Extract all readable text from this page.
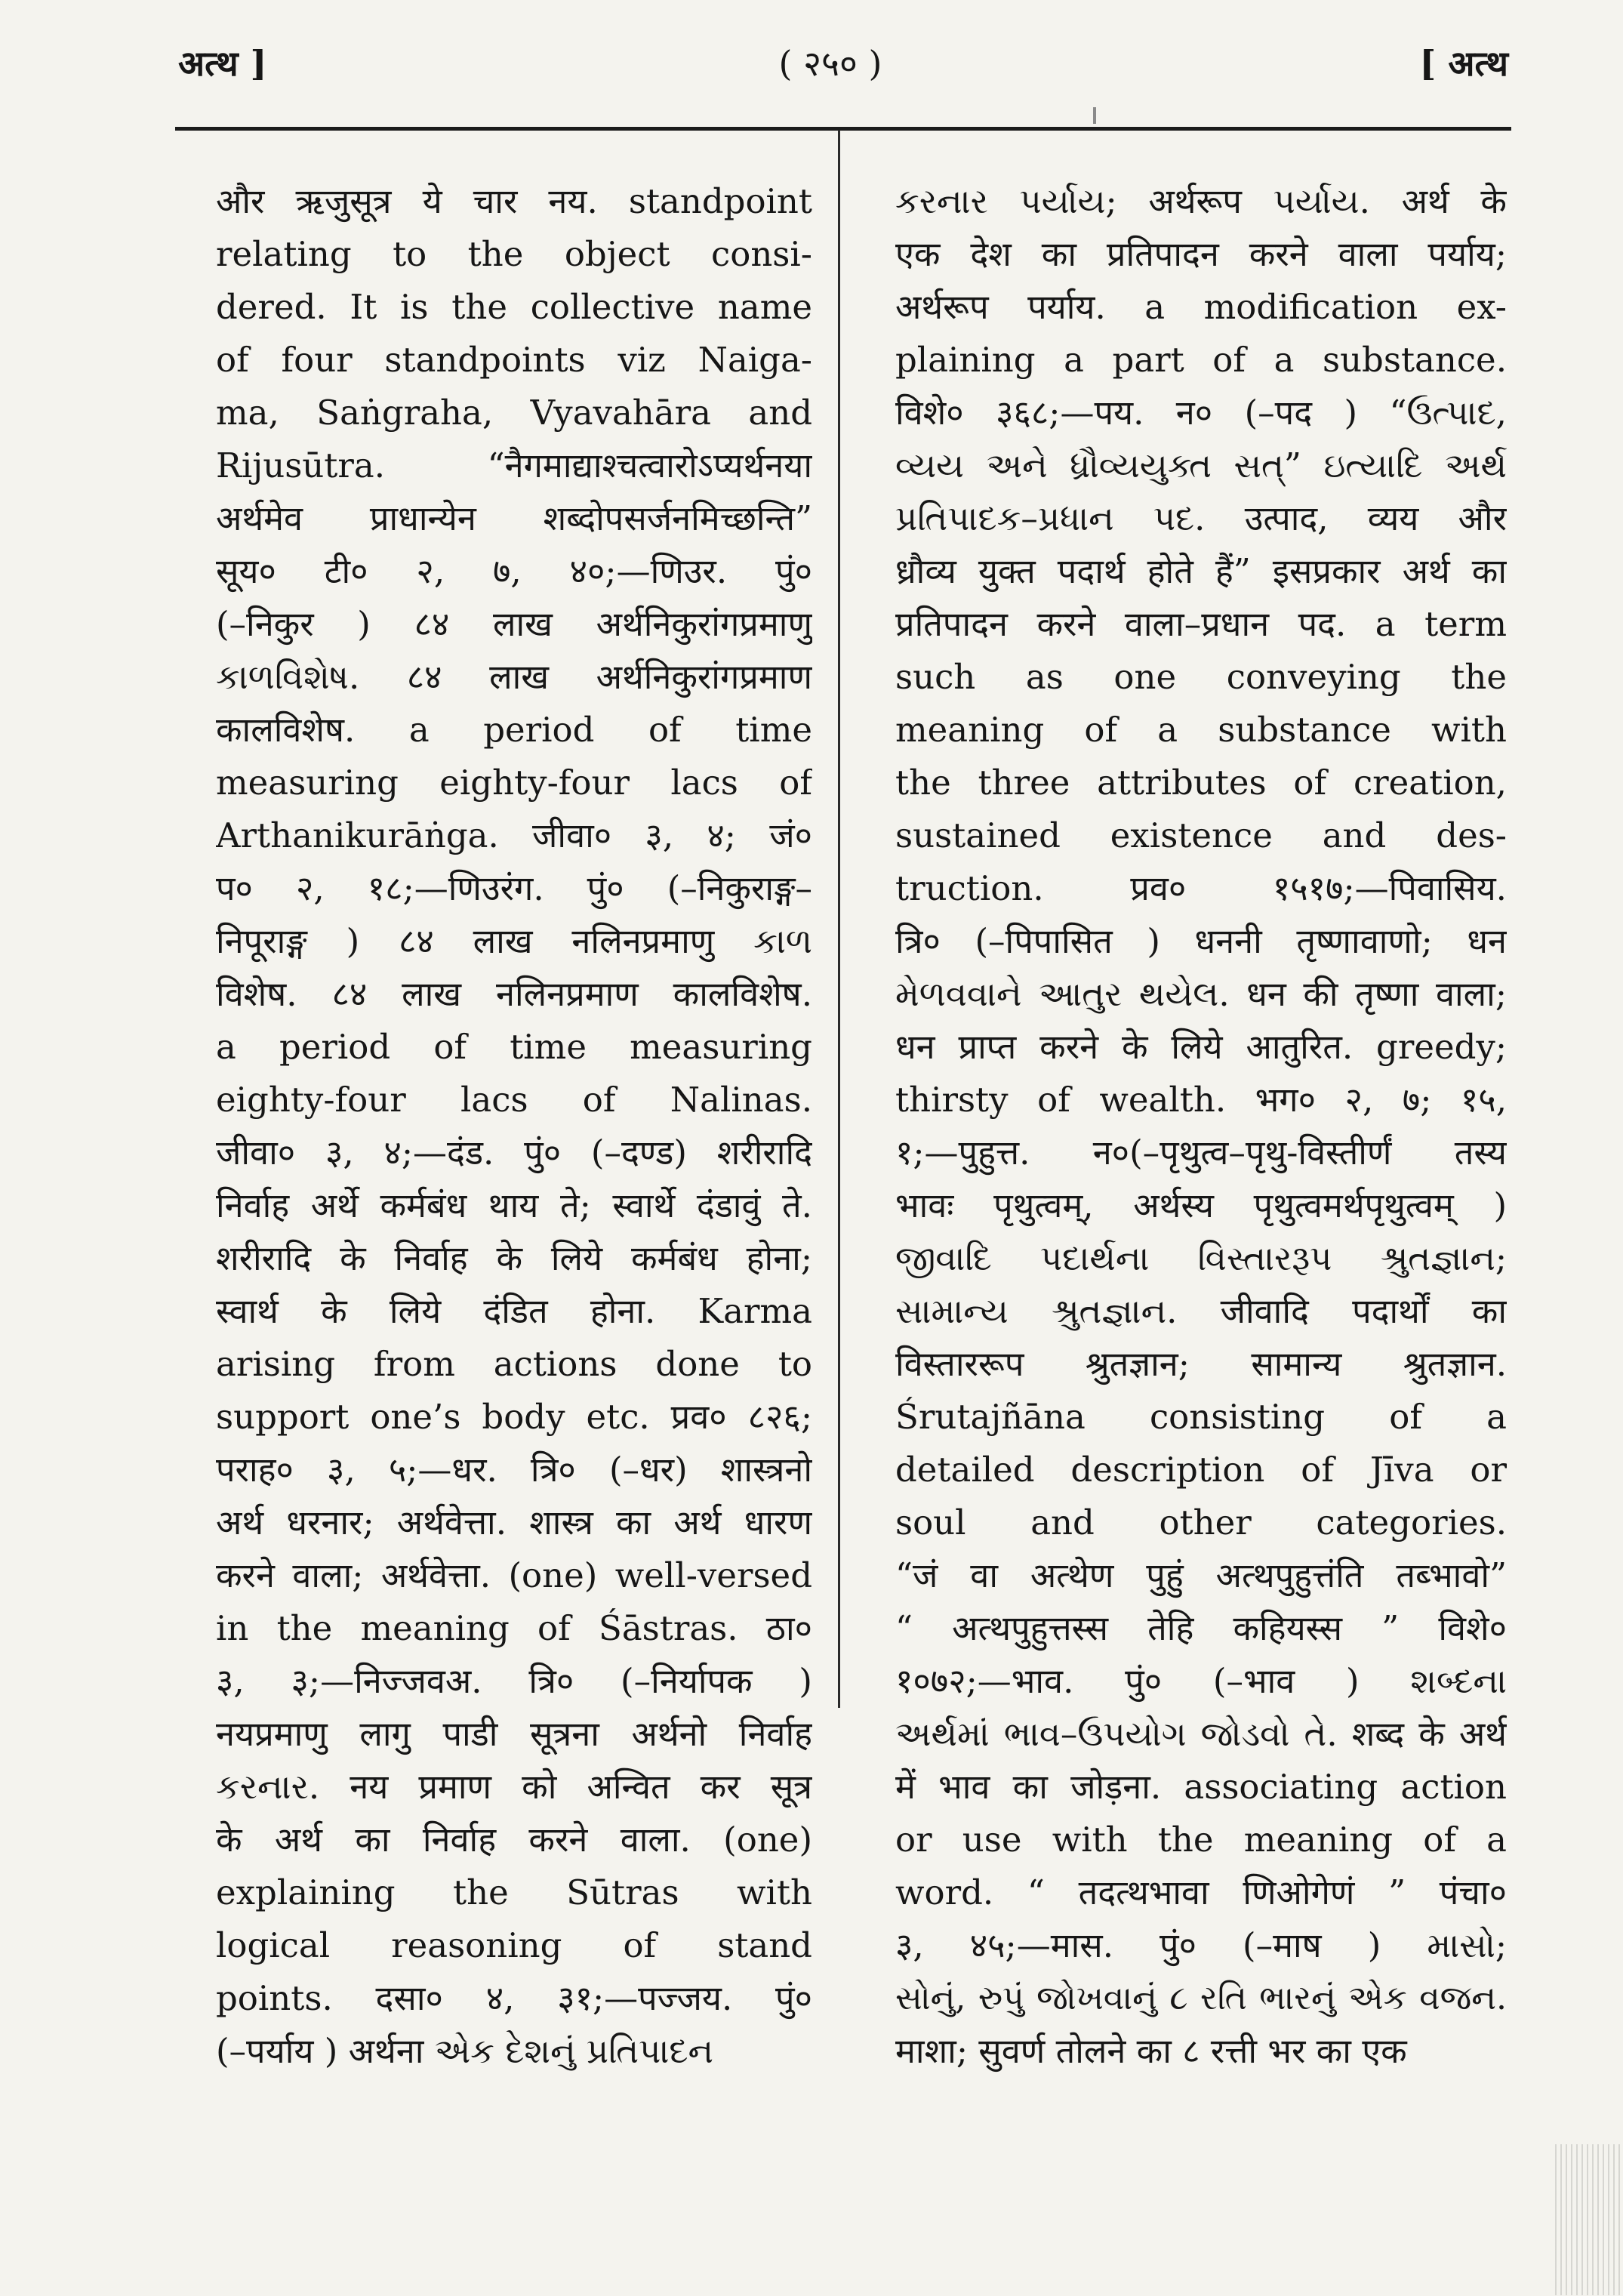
अत्थ ]	( २५० )	[ अत्थ
और ऋजुसूत्र ये चार नय. standpoint
relating to the object consi-
dered. It is the collective name
of four standpoints viz Naiga-
ma, Saṅgraha, Vyavahāra and
Rijusūtra. “नैगमाद्याश्चत्वारोऽप्यर्थनया
अर्थमेव प्राधान्येन शब्दोपसर्जनमिच्छन्ति”
सूय० टी० २, ७, ४०;—णिउर. पुं०
(–निकुर ) ८४ लाख अर्थनिकुरांगप्रमाणु
કાળવિશેષ. ८४ लाख अर्थनिकुरांगप्रमाण
कालविशेष. a period of time
measuring eighty-four lacs of
Arthanikurāṅga. जीवा० ३, ४; जं०
प० २, १८;—णिउरंग. पुं० (–निकुराङ्ग–
निपूराङ्ग ) ८४ लाख नलिनप्रमाणु કાળ
विशेष. ८४ लाख नलिनप्रमाण कालविशेष.
a period of time measuring
eighty-four lacs of Nalinas.
जीवा० ३, ४;—दंड. पुं० (–दण्ड) शरीरादि
निर्वाह अर्थे कर्मबंध थाय ते; स्वार्थे दंडावुं ते.
शरीरादि के निर्वाह के लिये कर्मबंध होना;
स्वार्थ के लिये दंडित होना. Karma
arising from actions done to
support one’s body etc. प्रव० ८२६;
पराह० ३, ५;—धर. त्रि० (–धर) शास्त्रनो
अर्थ धरनार; अर्थवेत्ता. शास्त्र का अर्थ धारण
करने वाला; अर्थवेत्ता. (one) well-versed
in the meaning of Śāstras. ठा०
३, ३;—निज्जवअ. त्रि० (–निर्यापक )
नयप्रमाणु लागु पाडी सूत्रना अर्थनो निर्वाह
કરનાર. नय प्रमाण को अन्वित कर सूत्र
के अर्थ का निर्वाह करने वाला. (one)
explaining the Sūtras with
logical reasoning of stand
points. दसा० ४, ३१;—पज्जय. पुं०
(–पर्याय ) अर्थना એક દેશનું પ્રતિપાદન
કરનાર પર્યાય; अर्थरूप પર્યાય. अर्थ के
एक देश का प्रतिपादन करने वाला पर्याय;
अर्थरूप पर्याय. a modification ex-
plaining a part of a substance.
विशे० ३६८;—पय. न० (–पद ) “ઉત્પાદ,
વ્યય અને ધ્રૌવ્યયુક્ત સત્” ઇત્યાદિ અર્થ
પ્રતિપાદક–પ્રધાન પદ. उत्पाद, व्यय और
ध्रौव्य युक्त पदार्थ होते हैं” इसप्रकार अर्थ का
प्रतिपादन करने वाला–प्रधान पद. a term
such as one conveying the
meaning of a substance with
the three attributes of creation,
sustained existence and des-
truction. प्रव० १५१७;—पिवासिय.
त्रि० (–पिपासित ) धननी तृष्णावाणो; धन
મેળવવાને આતુર થયેલ. धन की तृष्णा वाला;
धन प्राप्त करने के लिये आतुरित. greedy;
thirsty of wealth. भग० २, ७; १५,
१;—पुहुत्त. न०(–पृथुत्व–पृथु-विस्तीर्णं तस्य
भावः पृथुत्वम्, अर्थस्य पृथुत्वमर्थपृथुत्वम् )
જીવાદિ પદાર્થના વિસ્તારરૂપ શ્રુતજ્ઞાન;
સામાન્ય શ્રુતજ્ઞાન. जीवादि पदार्थों का
विस्ताररूप श्रुतज्ञान; सामान्य श्रुतज्ञान.
Śrutajñāna consisting of a
detailed description of Jīva or
soul and other categories.
“जं वा अत्थेण पुहुं अत्थपुहुत्तंति तब्भावो”
“ अत्थपुहुत्तस्स तेहि कहियस्स ” विशे०
१०७२;—भाव. पुं० (–भाव ) શબ્દના
અર્થમાં ભાવ–ઉપયોગ જોડવો તે. शब्द के अर्थ
में भाव का जोड़ना. associating action
or use with the meaning of a
word. “ तदत्थभावा णिओगेणं ” पंचा०
३, ४५;—मास. पुं० (–माष ) માસો;
સોનું, રુપું જોખવાનું ૮ રતિ ભારનું એક વજન.
माशा; सुवर्ण तोलने का ८ रत्ती भर का एक
